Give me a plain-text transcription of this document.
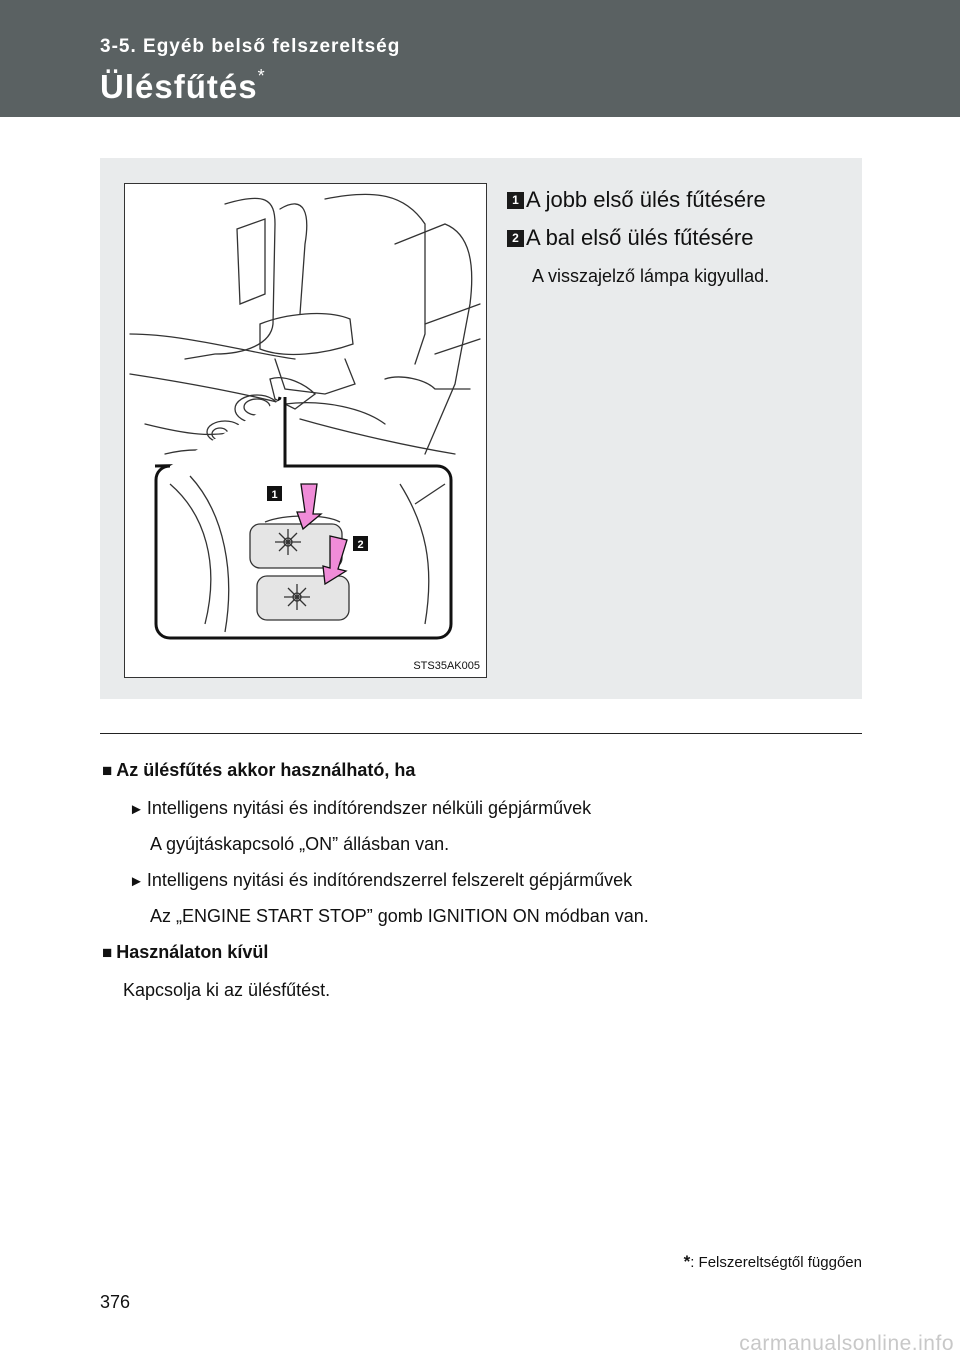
3-5. Egyéb belső felszereltség
Ülésfűtés*
1
2
STS35AK005
1 A jobb első ülés fűtésére
2 A bal első ülés fűtésére
A visszajelző lámpa kigyullad.
■ Az ülésfűtés akkor használható, ha
► Intelligens nyitási és indítórendszer nélküli gépjárművek
A gyújtáskapcsoló „ON” állásban van.
► Intelligens nyitási és indítórendszerrel felszerelt gépjárművek
Az „ENGINE START STOP” gomb IGNITION ON módban van.
■ Használaton kívül
Kapcsolja ki az ülésfűtést.
*: Felszereltségtől függően
376
carmanualsonline.info
